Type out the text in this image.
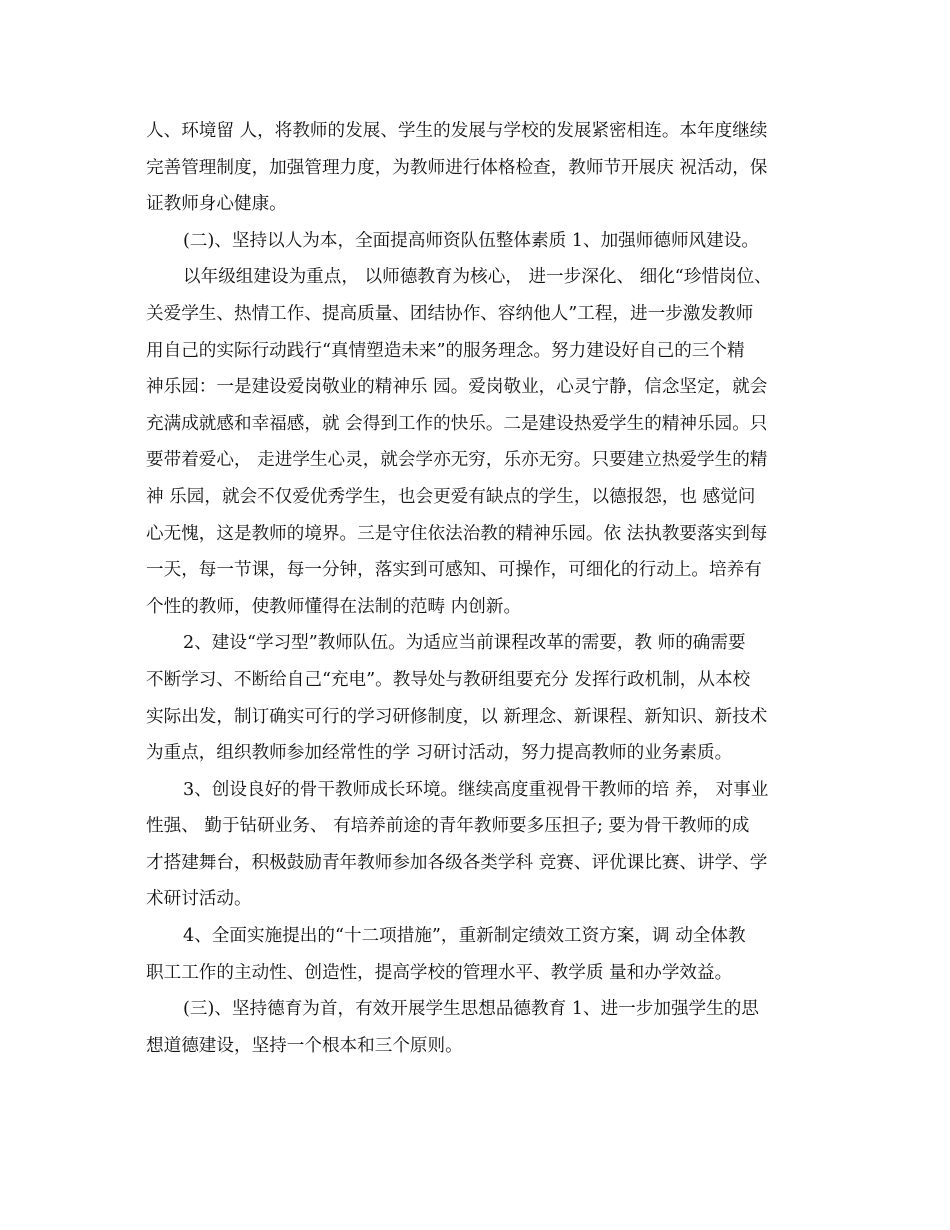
人、环境留 人，将教师的发展、学生的发展与学校的发展紧密相连。本年度继续
完善管理制度，加强管理力度，为教师进行体格检查，教师节开展庆 祝活动，保
证教师身心健康。
(二)、坚持以人为本，全面提高师资队伍整体素质 1、加强师德师风建设。
以年级组建设为重点， 以师德教育为核心， 进一步深化、 细化“珍惜岗位、
关爱学生、热情工作、提高质量、团结协作、容纳他人”工程，进一步激发教师
用自己的实际行动践行“真情塑造未来”的服务理念。努力建设好自己的三个精
神乐园：一是建设爱岗敬业的精神乐 园。爱岗敬业，心灵宁静，信念坚定，就会
充满成就感和幸福感，就 会得到工作的快乐。二是建设热爱学生的精神乐园。只
要带着爱心， 走进学生心灵，就会学亦无穷，乐亦无穷。只要建立热爱学生的精
神 乐园，就会不仅爱优秀学生，也会更爱有缺点的学生，以德报怨，也 感觉问
心无愧，这是教师的境界。三是守住依法治教的精神乐园。依 法执教要落实到每
一天，每一节课，每一分钟，落实到可感知、可操作，可细化的行动上。培养有
个性的教师，使教师懂得在法制的范畴 内创新。
2、建设“学习型”教师队伍。为适应当前课程改革的需要，教 师的确需要
不断学习、不断给自己“充电”。教导处与教研组要充分 发挥行政机制，从本校
实际出发，制订确实可行的学习研修制度，以 新理念、新课程、新知识、新技术
为重点，组织教师参加经常性的学 习研讨活动，努力提高教师的业务素质。
3、创设良好的骨干教师成长环境。继续高度重视骨干教师的培 养， 对事业
性强、 勤于钻研业务、 有培养前途的青年教师要多压担子; 要为骨干教师的成
才搭建舞台，积极鼓励青年教师参加各级各类学科 竞赛、评优课比赛、讲学、学
术研讨活动。
4、全面实施提出的“十二项措施”，重新制定绩效工资方案，调 动全体教
职工工作的主动性、创造性，提高学校的管理水平、教学质 量和办学效益。
(三)、坚持德育为首，有效开展学生思想品德教育 1、进一步加强学生的思
想道德建设，坚持一个根本和三个原则。
